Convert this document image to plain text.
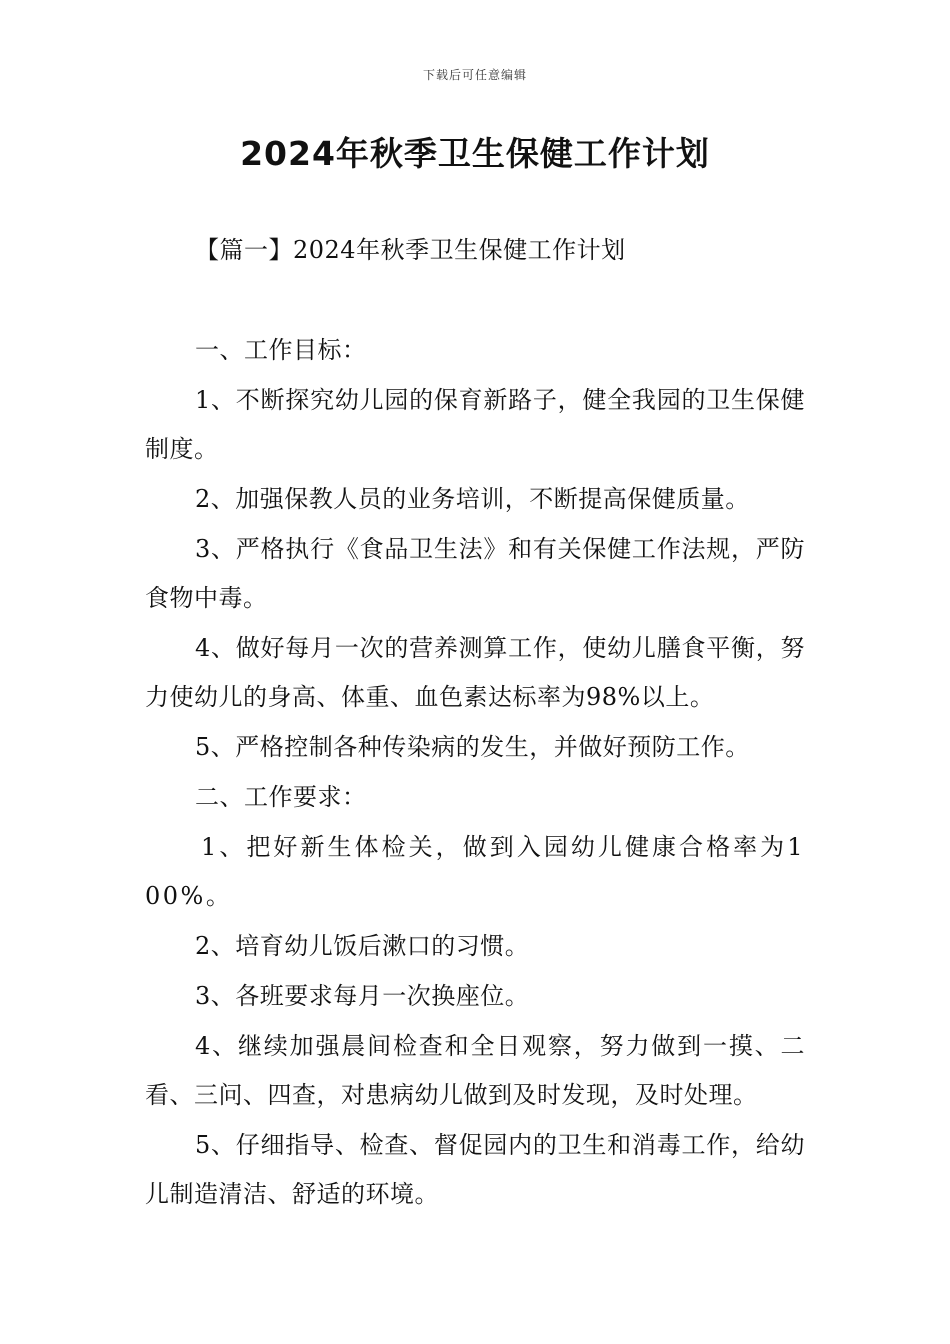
下载后可任意编辑
2024年秋季卫生保健工作计划
【篇一】2024年秋季卫生保健工作计划

一、工作目标：

1、不断探究幼儿园的保育新路子，健全我园的卫生保健制度。

2、加强保教人员的业务培训，不断提高保健质量。

3、严格执行《食品卫生法》和有关保健工作法规，严防食物中毒。

4、做好每月一次的营养测算工作，使幼儿膳食平衡，努力使幼儿的身高、体重、血色素达标率为98%以上。

5、严格控制各种传染病的发生，并做好预防工作。

二、工作要求：

1、把好新生体检关，做到入园幼儿健康合格率为100%。

2、培育幼儿饭后漱口的习惯。

3、各班要求每月一次换座位。

4、继续加强晨间检查和全日观察，努力做到一摸、二看、三问、四查，对患病幼儿做到及时发现，及时处理。

5、仔细指导、检查、督促园内的卫生和消毒工作，给幼儿制造清洁、舒适的环境。
